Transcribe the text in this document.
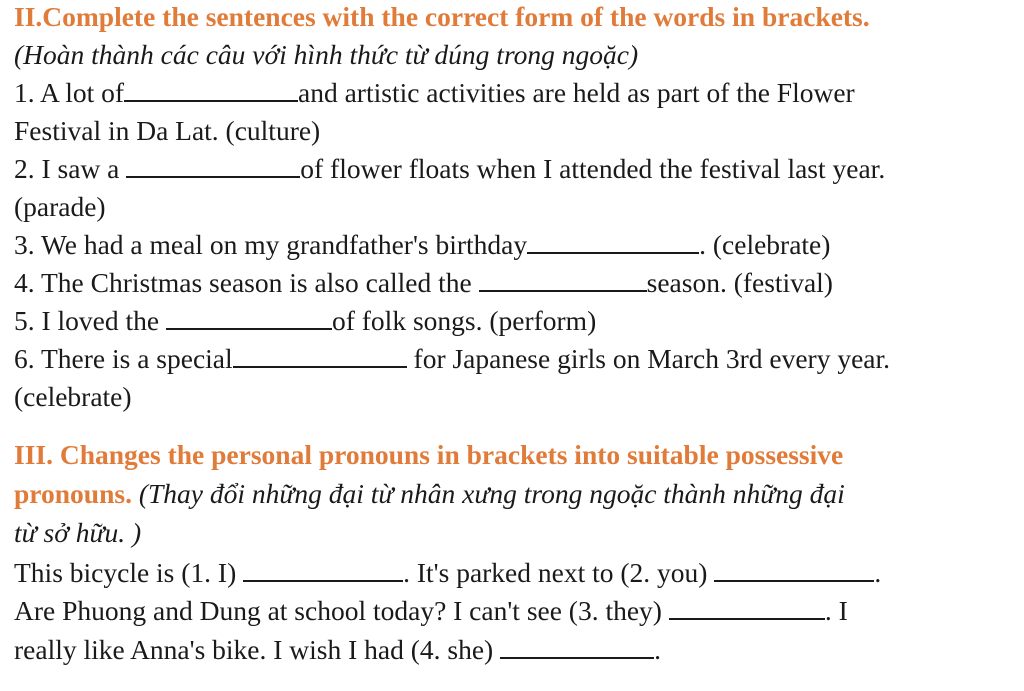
II.Complete the sentences with the correct form of the words in brackets.
(Hoàn thành các câu với hình thức từ dúng trong ngoặc)
1. A lot of	and artistic activities are held as part of the Flower
Festival in Da Lat. (culture)
2. I saw a	of flower floats when I attended the festival last year.
(parade)
3. We had a meal on my grandfather's birthday	. (celebrate)
4. The Christmas season is also called the	season. (festival)
5. I loved the	of folk songs. (perform)
6. There is a special	for Japanese girls on March 3rd every year.
(celebrate)
III. Changes the personal pronouns in brackets into suitable possessive
pronouns. (Thay đổi những đại từ nhân xưng trong ngoặc thành những đại
từ sở hữu. )
This bicycle is (1. I)	. It's parked next to (2. you)	.
Are Phuong and Dung at school today? I can't see (3. they)	. I
really like Anna's bike. I wish I had (4. she)	.
